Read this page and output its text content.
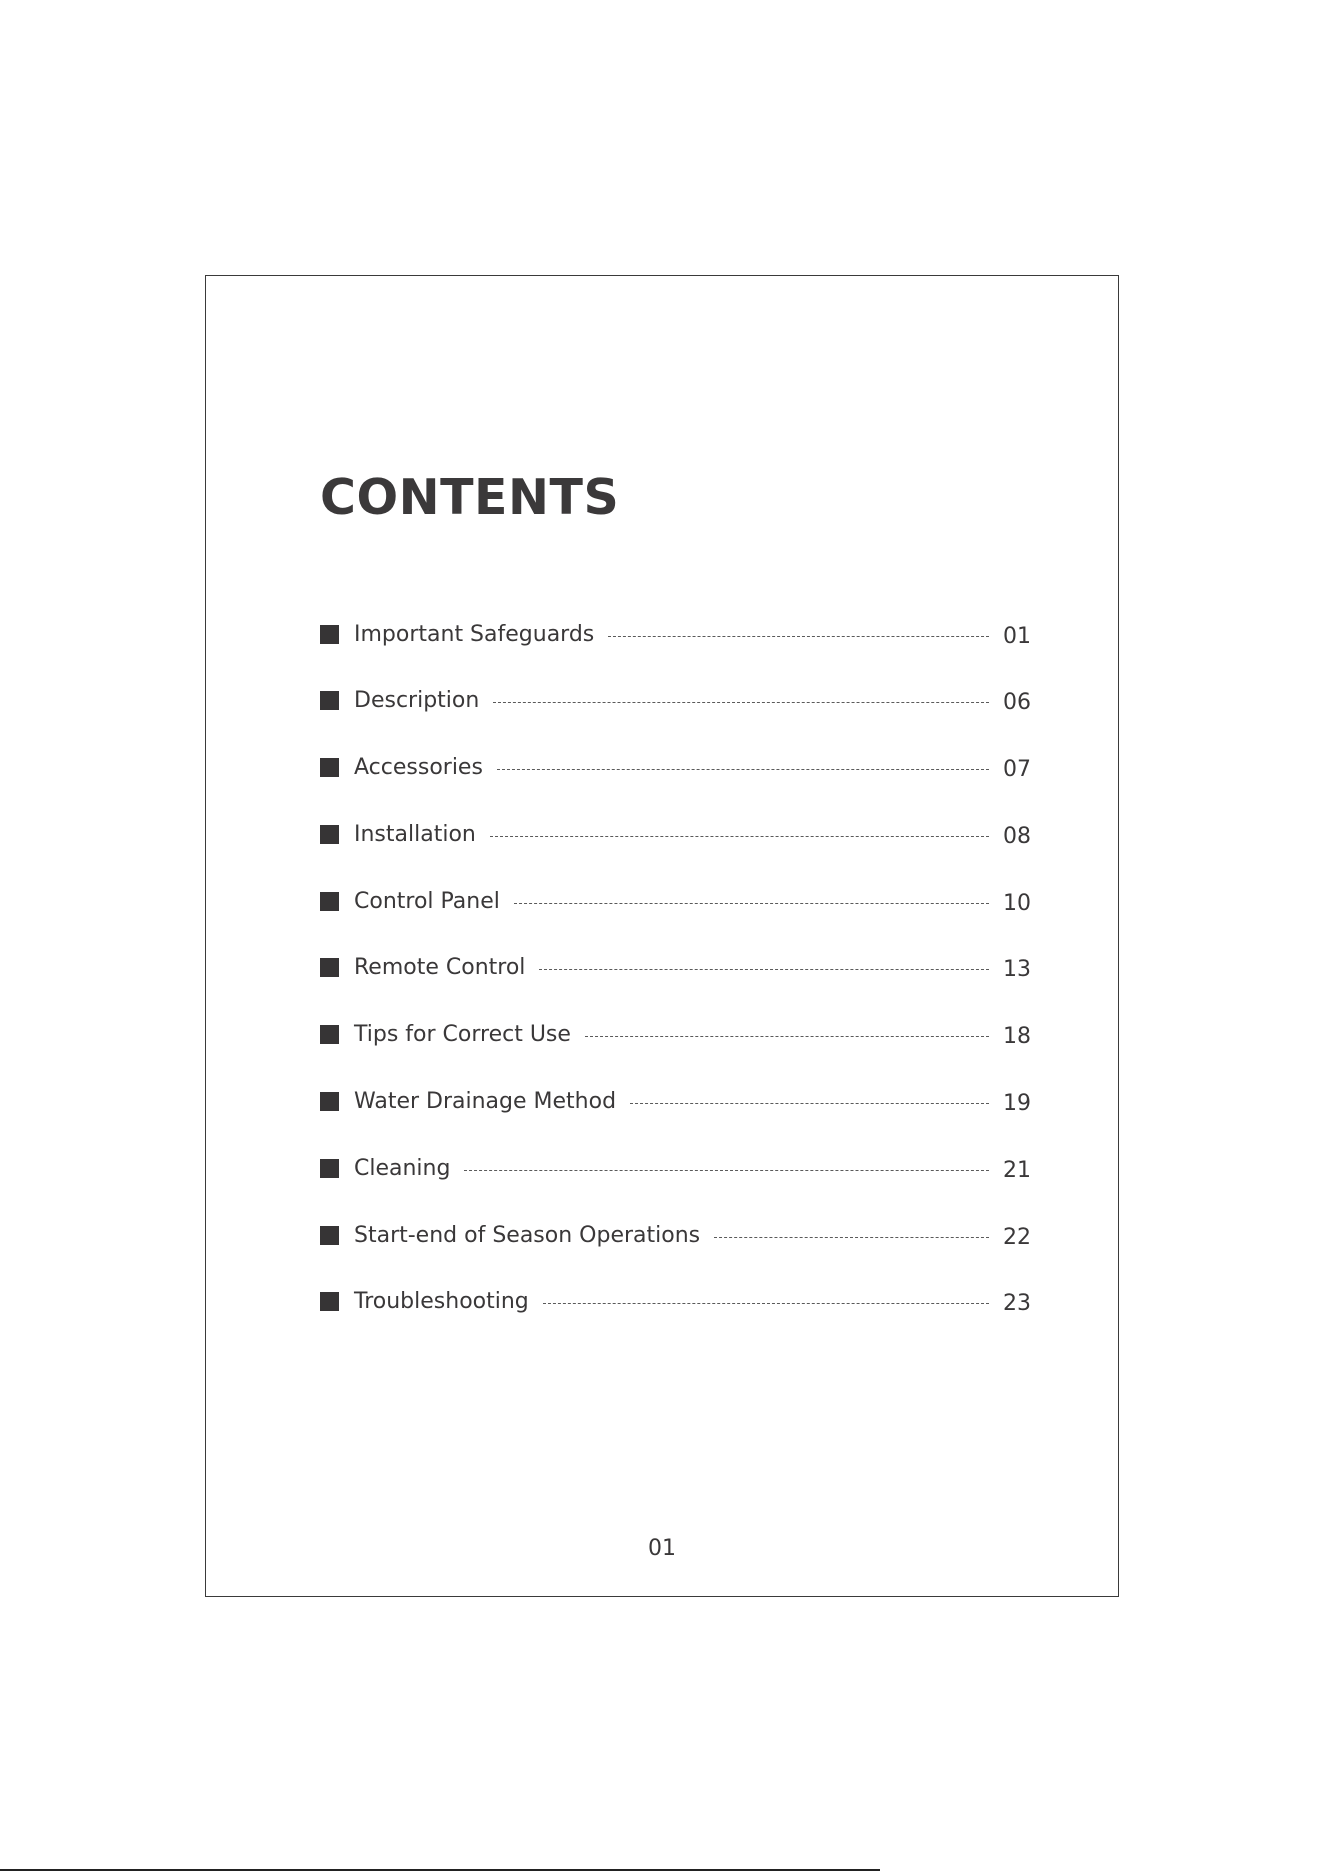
CONTENTS
Important Safeguards	01
Description	06
Accessories	07
Installation	08
Control Panel	10
Remote Control	13
Tips for Correct Use	18
Water Drainage Method	19
Cleaning	21
Start-end of Season Operations	22
Troubleshooting	23
01
